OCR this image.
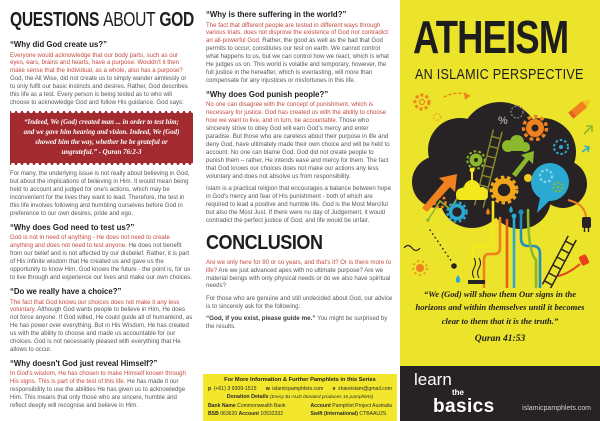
QUESTIONS ABOUT GOD
“Why did God create us?”

Everyone would acknowledge that our body parts, such as our eyes, ears, brains and hearts, have a purpose. Wouldn't it then make sense that the individual, as a whole, also has a purpose? God, the All Wise, did not create us to simply wander aimlessly or to only fulfil our basic instincts and desires. Rather, God describes this life as a test. Every person is being tested as to who will choose to acknowledge God and follow His guidance. God says:

“Indeed, We (God) created man ... in order to test him; and we gave him hearing and vision. Indeed, We (God) showed him the way, whether he be grateful or ungrateful.” - Quran 76:2-3

For many, the underlying issue is not really about believing in God, but about the implications of believing in Him. It would mean being held to account and judged for one's actions, which may be inconvenient for the lives they want to lead. Therefore, the test in this life involves following and humbling ourselves before God in preference to our own desires, pride and ego.

“Why does God need to test us?”

God is not in need of anything - He does not need to create anything and does not need to test anyone. He does not benefit from our belief and is not affected by our disbelief. Rather, it is part of His infinite wisdom that He created us and gave us the opportunity to know Him. God knows the future - the point is, for us to live through and experience our lives and make our own choices.

“Do we really have a choice?”

The fact that God knows our choices does not make it any less voluntary. Although God wants people to believe in Him, He does not force anyone. If God willed, He could guide all of humankind, as He has power over everything. But in His Wisdom, He has created us with the ability to choose and made us accountable for our choices. God is not necessarily pleased with everything that He allows to occur.

“Why doesn't God just reveal Himself?”

In God's wisdom, He has chosen to make Himself known through His signs. This is part of the test of this life. He has made it our responsibility to use the abilities He has given us to acknowledge Him. This means that only those who are sincere, humble and reflect deeply will recognise and believe in Him.

“Why is there suffering in the world?”

The fact that different people are tested in different ways through various trials, does not disprove the existence of God nor contradict an all-powerful God. Rather, the good as well as the bad that God permits to occur, constitutes our test on earth. We cannot control what happens to us, but we can control how we react, which is what He judges us on. This world is volatile and temporary, however, the full justice in the hereafter, which is everlasting, will more than compensate for any injustices or misfortunes in this life.

“Why does God punish people?”

No one can disagree with the concept of punishment, which is necessary for justice. God has created us with the ability to choose how we want to live, and in turn, be accountable. Those who sincerely strive to obey God will earn God's mercy and enter paradise. But those who are careless about their purpose in life and deny God, have ultimately made their own choice and will be held to account. No one can blame God. God did not create people to punish them – rather, He intends ease and mercy for them. The fact that God knows our choices does not make our actions any less voluntary and does not absolve us from responsibility.

Islam is a practical religion that encourages a balance between hope in God's mercy and fear of His punishment - both of which are required to lead a positive and humble life. God is the Most Merciful but also the Most Just. If there were no day of Judgement, it would contradict the perfect justice of God, and life would be unfair.

CONCLUSION

Are we only here for 80 or so years, and that's it? Or is there more to life? Are we just advanced apes with no ultimate purpose? Are we material beings with only physical needs or do we also have spiritual needs?

For those who are genuine and still undecided about God, our advice is to sincerely ask for the following:

“God, if you exist, please guide me.” You might be surprised by the results.

For More Information & Further Pamphlets in this Series
p (+61) 3 9309-1515 w islamicpamphlets.com e shareislam@gmail.com
Donation Details (Every $1 AUD donated produces 16 pamphlets)
Bank Name Commonwealth Bank
BSB 063620 Account 10532332
Account Pamphlet Project Australia
Swift (International) CTBAAU2S
ATHEISM
AN ISLAMIC PERSPECTIVE
%
“We (God) will show them Our signs in the horizons and within themselves until it becomes clear to them that it is the truth.”
Quran 41:53
learn
the
basics	islamicpamphlets.com
